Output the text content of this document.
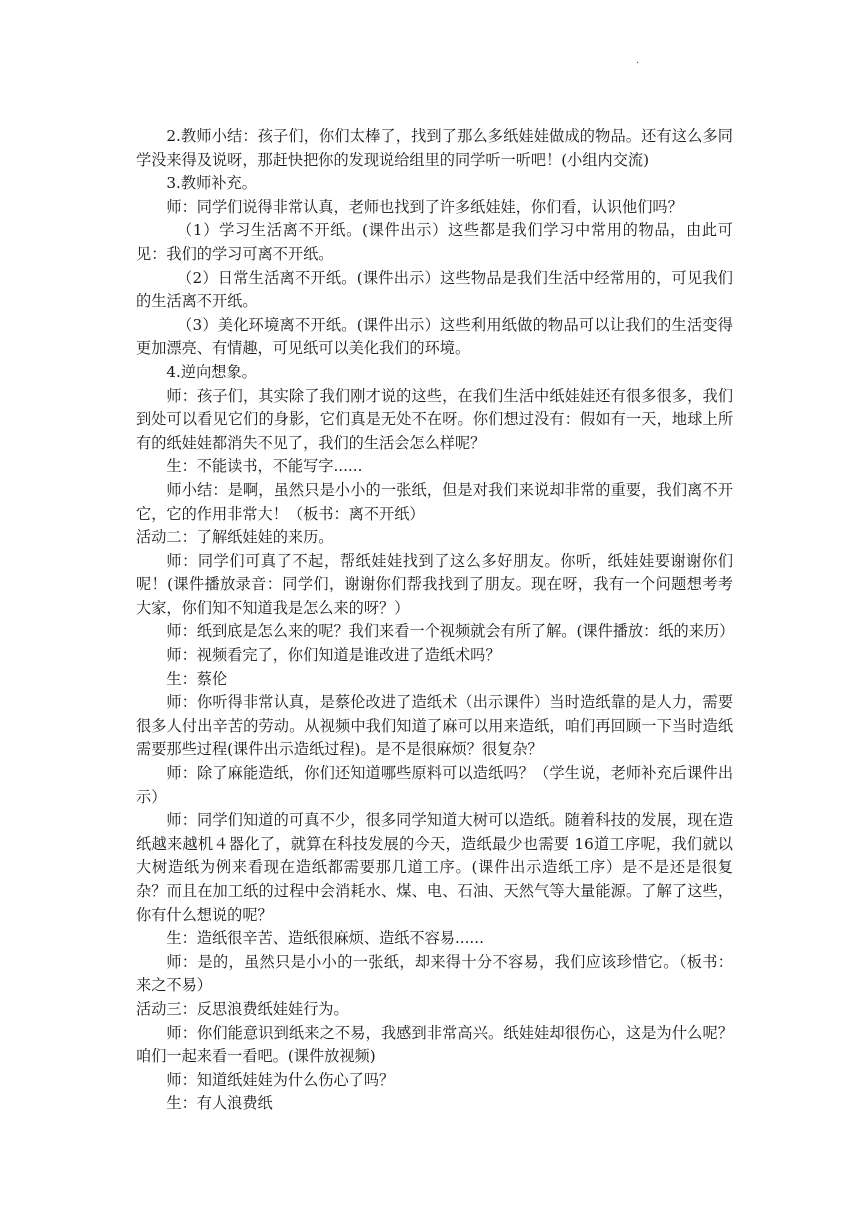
·

2.教师小结：孩子们，你们太棒了，找到了那么多纸娃娃做成的物品。还有这么多同学没来得及说呀，那赶快把你的发现说给组里的同学听一听吧！(小组内交流)

3.教师补充。

师：同学们说得非常认真，老师也找到了许多纸娃娃，你们看，认识他们吗？

（1）学习生活离不开纸。(课件出示）这些都是我们学习中常用的物品，由此可见：我们的学习可离不开纸。

（2）日常生活离不开纸。(课件出示）这些物品是我们生活中经常用的，可见我们的生活离不开纸。

（3）美化环境离不开纸。(课件出示）这些利用纸做的物品可以让我们的生活变得更加漂亮、有情趣，可见纸可以美化我们的环境。

4.逆向想象。

师：孩子们，其实除了我们刚才说的这些，在我们生活中纸娃娃还有很多很多，我们到处可以看见它们的身影，它们真是无处不在呀。你们想过没有：假如有一天，地球上所有的纸娃娃都消失不见了，我们的生活会怎么样呢？

生：不能读书，不能写字......

师小结：是啊，虽然只是小小的一张纸，但是对我们来说却非常的重要，我们离不开它，它的作用非常大！（板书：离不开纸）

活动二：了解纸娃娃的来历。

师：同学们可真了不起，帮纸娃娃找到了这么多好朋友。你听，纸娃娃要谢谢你们呢！(课件播放录音：同学们，谢谢你们帮我找到了朋友。现在呀，我有一个问题想考考大家，你们知不知道我是怎么来的呀？）

师：纸到底是怎么来的呢？我们来看一个视频就会有所了解。(课件播放：纸的来历）

师：视频看完了，你们知道是谁改进了造纸术吗？

生：蔡伦

师：你听得非常认真，是蔡伦改进了造纸术（出示课件）当时造纸靠的是人力，需要很多人付出辛苦的劳动。从视频中我们知道了麻可以用来造纸，咱们再回顾一下当时造纸需要那些过程(课件出示造纸过程)。是不是很麻烦？很复杂？

师：除了麻能造纸，你们还知道哪些原料可以造纸吗？（学生说，老师补充后课件出示）

师：同学们知道的可真不少，很多同学知道大树可以造纸。随着科技的发展，现在造纸越来越机４器化了，就算在科技发展的今天，造纸最少也需要 16道工序呢，我们就以大树造纸为例来看现在造纸都需要那几道工序。(课件出示造纸工序）是不是还是很复杂？而且在加工纸的过程中会消耗水、煤、电、石油、天然气等大量能源。了解了这些，你有什么想说的呢？

生：造纸很辛苦、造纸很麻烦、造纸不容易......

师：是的，虽然只是小小的一张纸，却来得十分不容易，我们应该珍惜它。（板书：来之不易）

活动三：反思浪费纸娃娃行为。

师：你们能意识到纸来之不易，我感到非常高兴。纸娃娃却很伤心，这是为什么呢？咱们一起来看一看吧。(课件放视频)

师：知道纸娃娃为什么伤心了吗？

生：有人浪费纸
